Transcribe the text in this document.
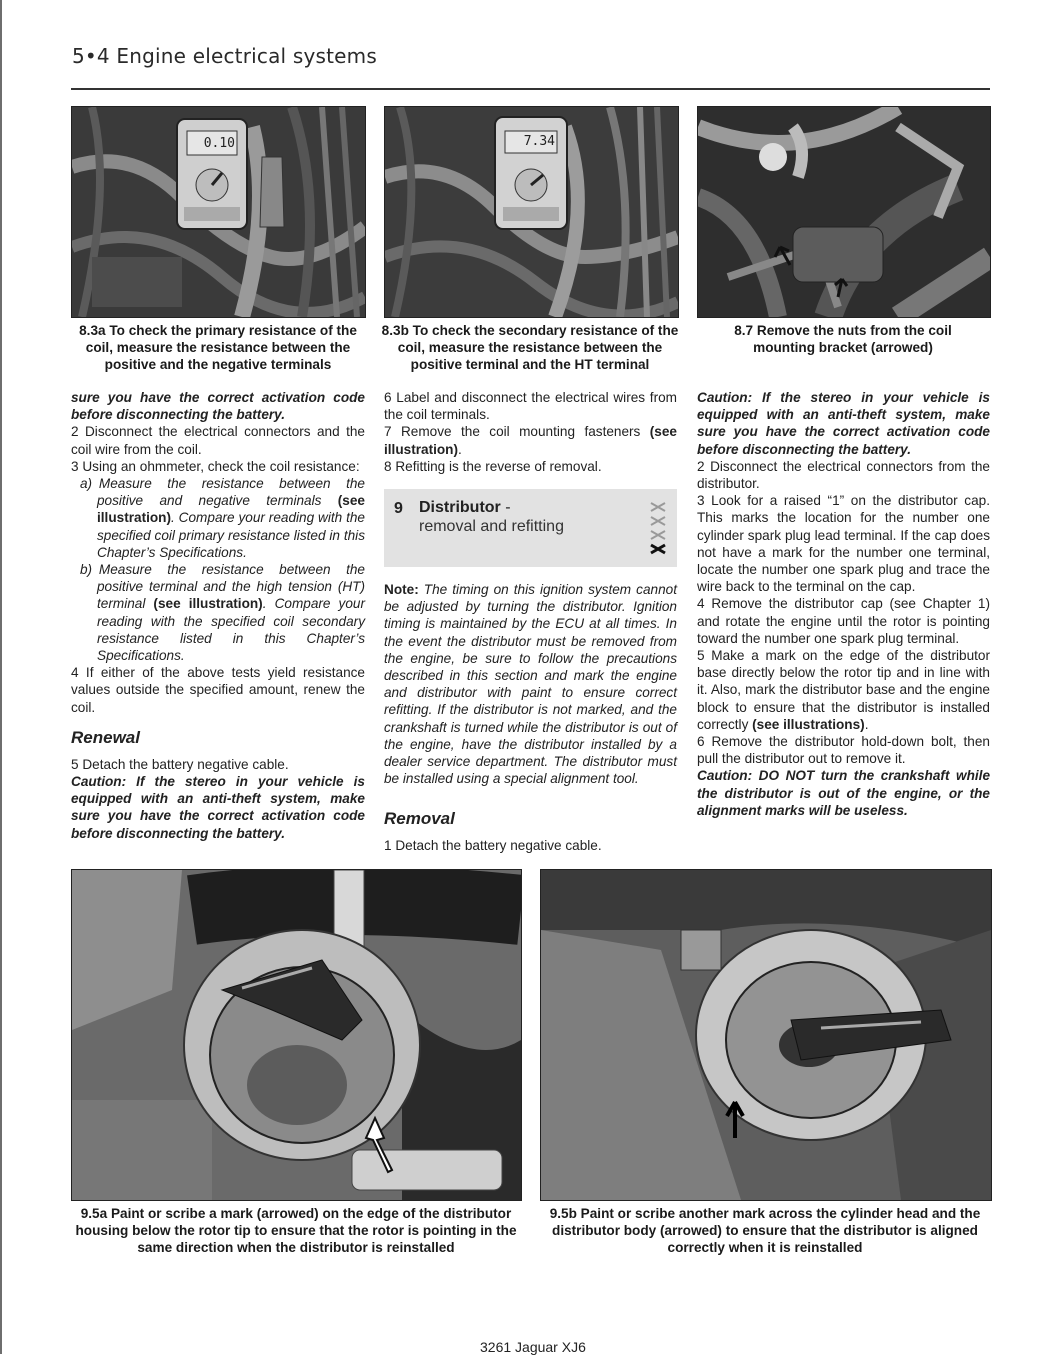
5•4 Engine electrical systems
0.10	7.34
8.3a To check the primary resistance of the coil, measure the resistance between the positive and the negative terminals
8.3b To check the secondary resistance of the coil, measure the resistance between the positive terminal and the HT terminal
8.7 Remove the nuts from the coil mounting bracket (arrowed)

sure you have the correct activation code before disconnecting the battery.

2 Disconnect the electrical connectors and the coil wire from the coil.

3 Using an ohmmeter, check the coil resistance:

a) Measure the resistance between the positive and negative terminals (see illustration). Compare your reading with the specified coil primary resistance listed in this Chapter’s Specifications.

b) Measure the resistance between the positive terminal and the high tension (HT) terminal (see illustration). Compare your reading with the specified coil secondary resistance listed in this Chapter’s Specifications.

4 If either of the above tests yield resistance values outside the specified amount, renew the coil.

Renewal

5 Detach the battery negative cable.

Caution: If the stereo in your vehicle is equipped with an anti-theft system, make sure you have the correct activation code before disconnecting the battery.

6 Label and disconnect the electrical wires from the coil terminals.

7 Remove the coil mounting fasteners (see illustration).

8 Refitting is the reverse of removal.

9 Distributor -
removal and refitting

Note: The timing on this ignition system cannot be adjusted by turning the distributor. Ignition timing is maintained by the ECU at all times. In the event the distributor must be removed from the engine, be sure to follow the precautions described in this section and mark the engine and distributor with paint to ensure correct refitting. If the distributor is not marked, and the crankshaft is turned while the distributor is out of the engine, have the distributor installed by a dealer service department. The distributor must be installed using a special alignment tool.

Removal

1 Detach the battery negative cable.

Caution: If the stereo in your vehicle is equipped with an anti-theft system, make sure you have the correct activation code before disconnecting the battery.

2 Disconnect the electrical connectors from the distributor.

3 Look for a raised “1” on the distributor cap. This marks the location for the number one cylinder spark plug lead terminal. If the cap does not have a mark for the number one terminal, locate the number one spark plug and trace the wire back to the terminal on the cap.

4 Remove the distributor cap (see Chapter 1) and rotate the engine until the rotor is pointing toward the number one spark plug terminal.

5 Make a mark on the edge of the distributor base directly below the rotor tip and in line with it. Also, mark the distributor base and the engine block to ensure that the distributor is installed correctly (see illustrations).

6 Remove the distributor hold-down bolt, then pull the distributor out to remove it.

Caution: DO NOT turn the crankshaft while the distributor is out of the engine, or the alignment marks will be useless.

9.5a Paint or scribe a mark (arrowed) on the edge of the distributor housing below the rotor tip to ensure that the rotor is pointing in the same direction when the distributor is reinstalled
9.5b Paint or scribe another mark across the cylinder head and the distributor body (arrowed) to ensure that the distributor is aligned correctly when it is reinstalled
3261 Jaguar XJ6
